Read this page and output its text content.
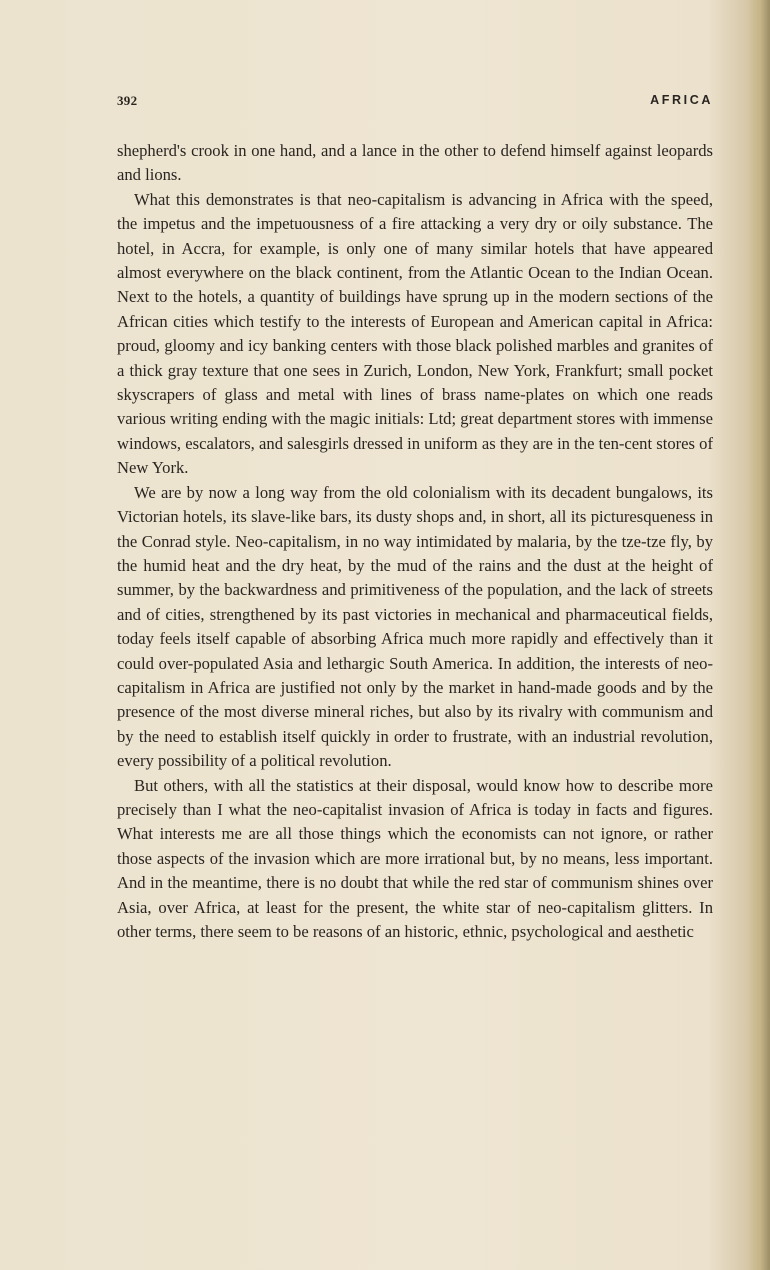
392	AFRICA

shepherd's crook in one hand, and a lance in the other to defend himself against leopards and lions.

What this demonstrates is that neo-capitalism is advancing in Africa with the speed, the impetus and the impetuousness of a fire attacking a very dry or oily substance. The hotel, in Accra, for example, is only one of many similar hotels that have appeared almost everywhere on the black continent, from the Atlantic Ocean to the Indian Ocean. Next to the hotels, a quantity of buildings have sprung up in the modern sections of the African cities which testify to the interests of European and American capital in Africa: proud, gloomy and icy banking centers with those black polished marbles and granites of a thick gray texture that one sees in Zurich, London, New York, Frankfurt; small pocket skyscrapers of glass and metal with lines of brass name-plates on which one reads various writing ending with the magic initials: Ltd; great department stores with immense windows, escalators, and salesgirls dressed in uniform as they are in the ten-cent stores of New York.

We are by now a long way from the old colonialism with its decadent bungalows, its Victorian hotels, its slave-like bars, its dusty shops and, in short, all its picturesqueness in the Conrad style. Neo-capitalism, in no way intimidated by malaria, by the tze-tze fly, by the humid heat and the dry heat, by the mud of the rains and the dust at the height of summer, by the backwardness and primitiveness of the population, and the lack of streets and of cities, strengthened by its past victories in mechanical and pharmaceutical fields, today feels itself capable of absorbing Africa much more rapidly and effectively than it could over-populated Asia and lethargic South America. In addition, the interests of neo-capitalism in Africa are justified not only by the market in hand-made goods and by the presence of the most diverse mineral riches, but also by its rivalry with communism and by the need to establish itself quickly in order to frustrate, with an industrial revolution, every possibility of a political revolution.

But others, with all the statistics at their disposal, would know how to describe more precisely than I what the neo-capitalist invasion of Africa is today in facts and figures. What interests me are all those things which the economists can not ignore, or rather those aspects of the invasion which are more irrational but, by no means, less important. And in the meantime, there is no doubt that while the red star of communism shines over Asia, over Africa, at least for the present, the white star of neo-capitalism glitters. In other terms, there seem to be reasons of an historic, ethnic, psychological and aesthetic
